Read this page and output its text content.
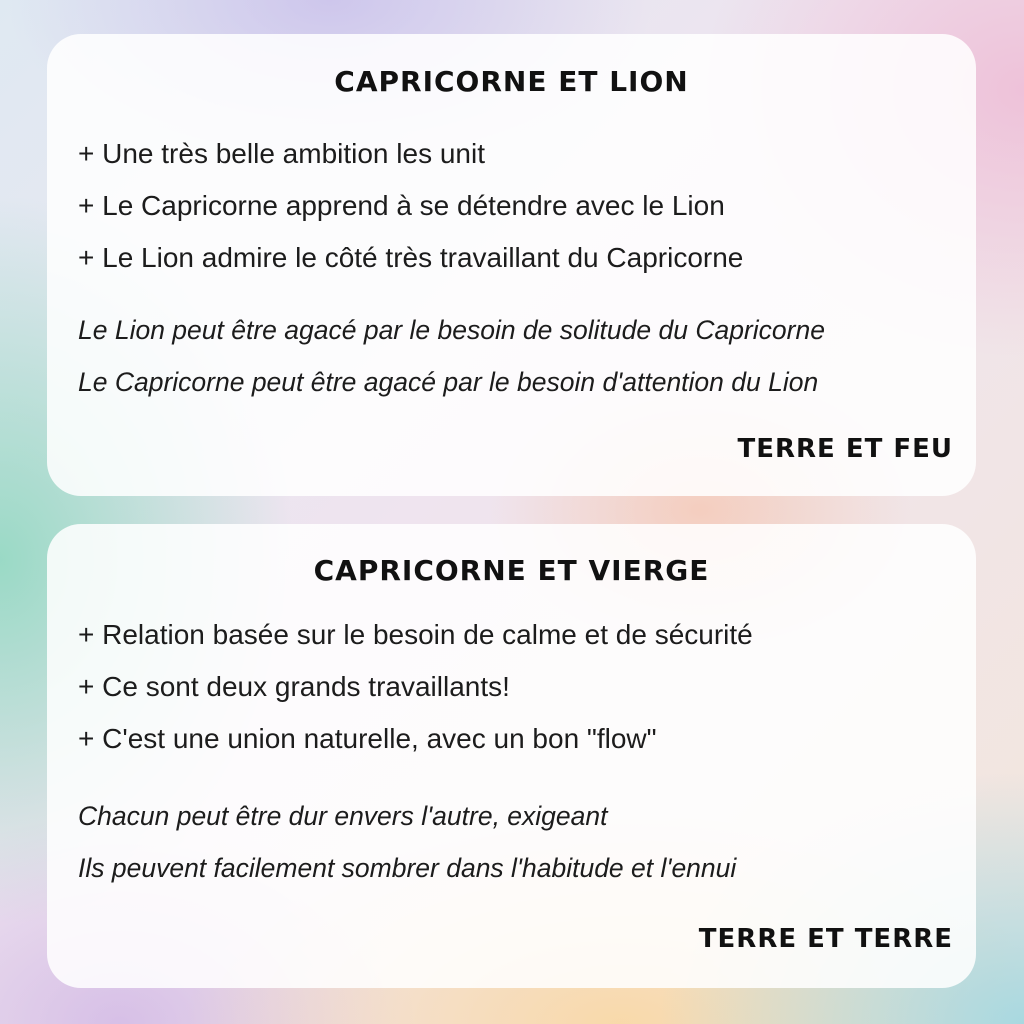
CAPRICORNE ET LION
+ Une très belle ambition les unit
+ Le Capricorne apprend à se détendre avec le Lion
+ Le Lion admire le côté très travaillant du Capricorne
Le Lion peut être agacé par le besoin de solitude du Capricorne
Le Capricorne peut être agacé par le besoin d'attention du Lion

TERRE ET FEU

CAPRICORNE ET VIERGE
+ Relation basée sur le besoin de calme et de sécurité
+ Ce sont deux grands travaillants!
+ C'est une union naturelle, avec un bon "flow"
Chacun peut être dur envers l'autre, exigeant
Ils peuvent facilement sombrer dans l'habitude et l'ennui

TERRE ET TERRE
